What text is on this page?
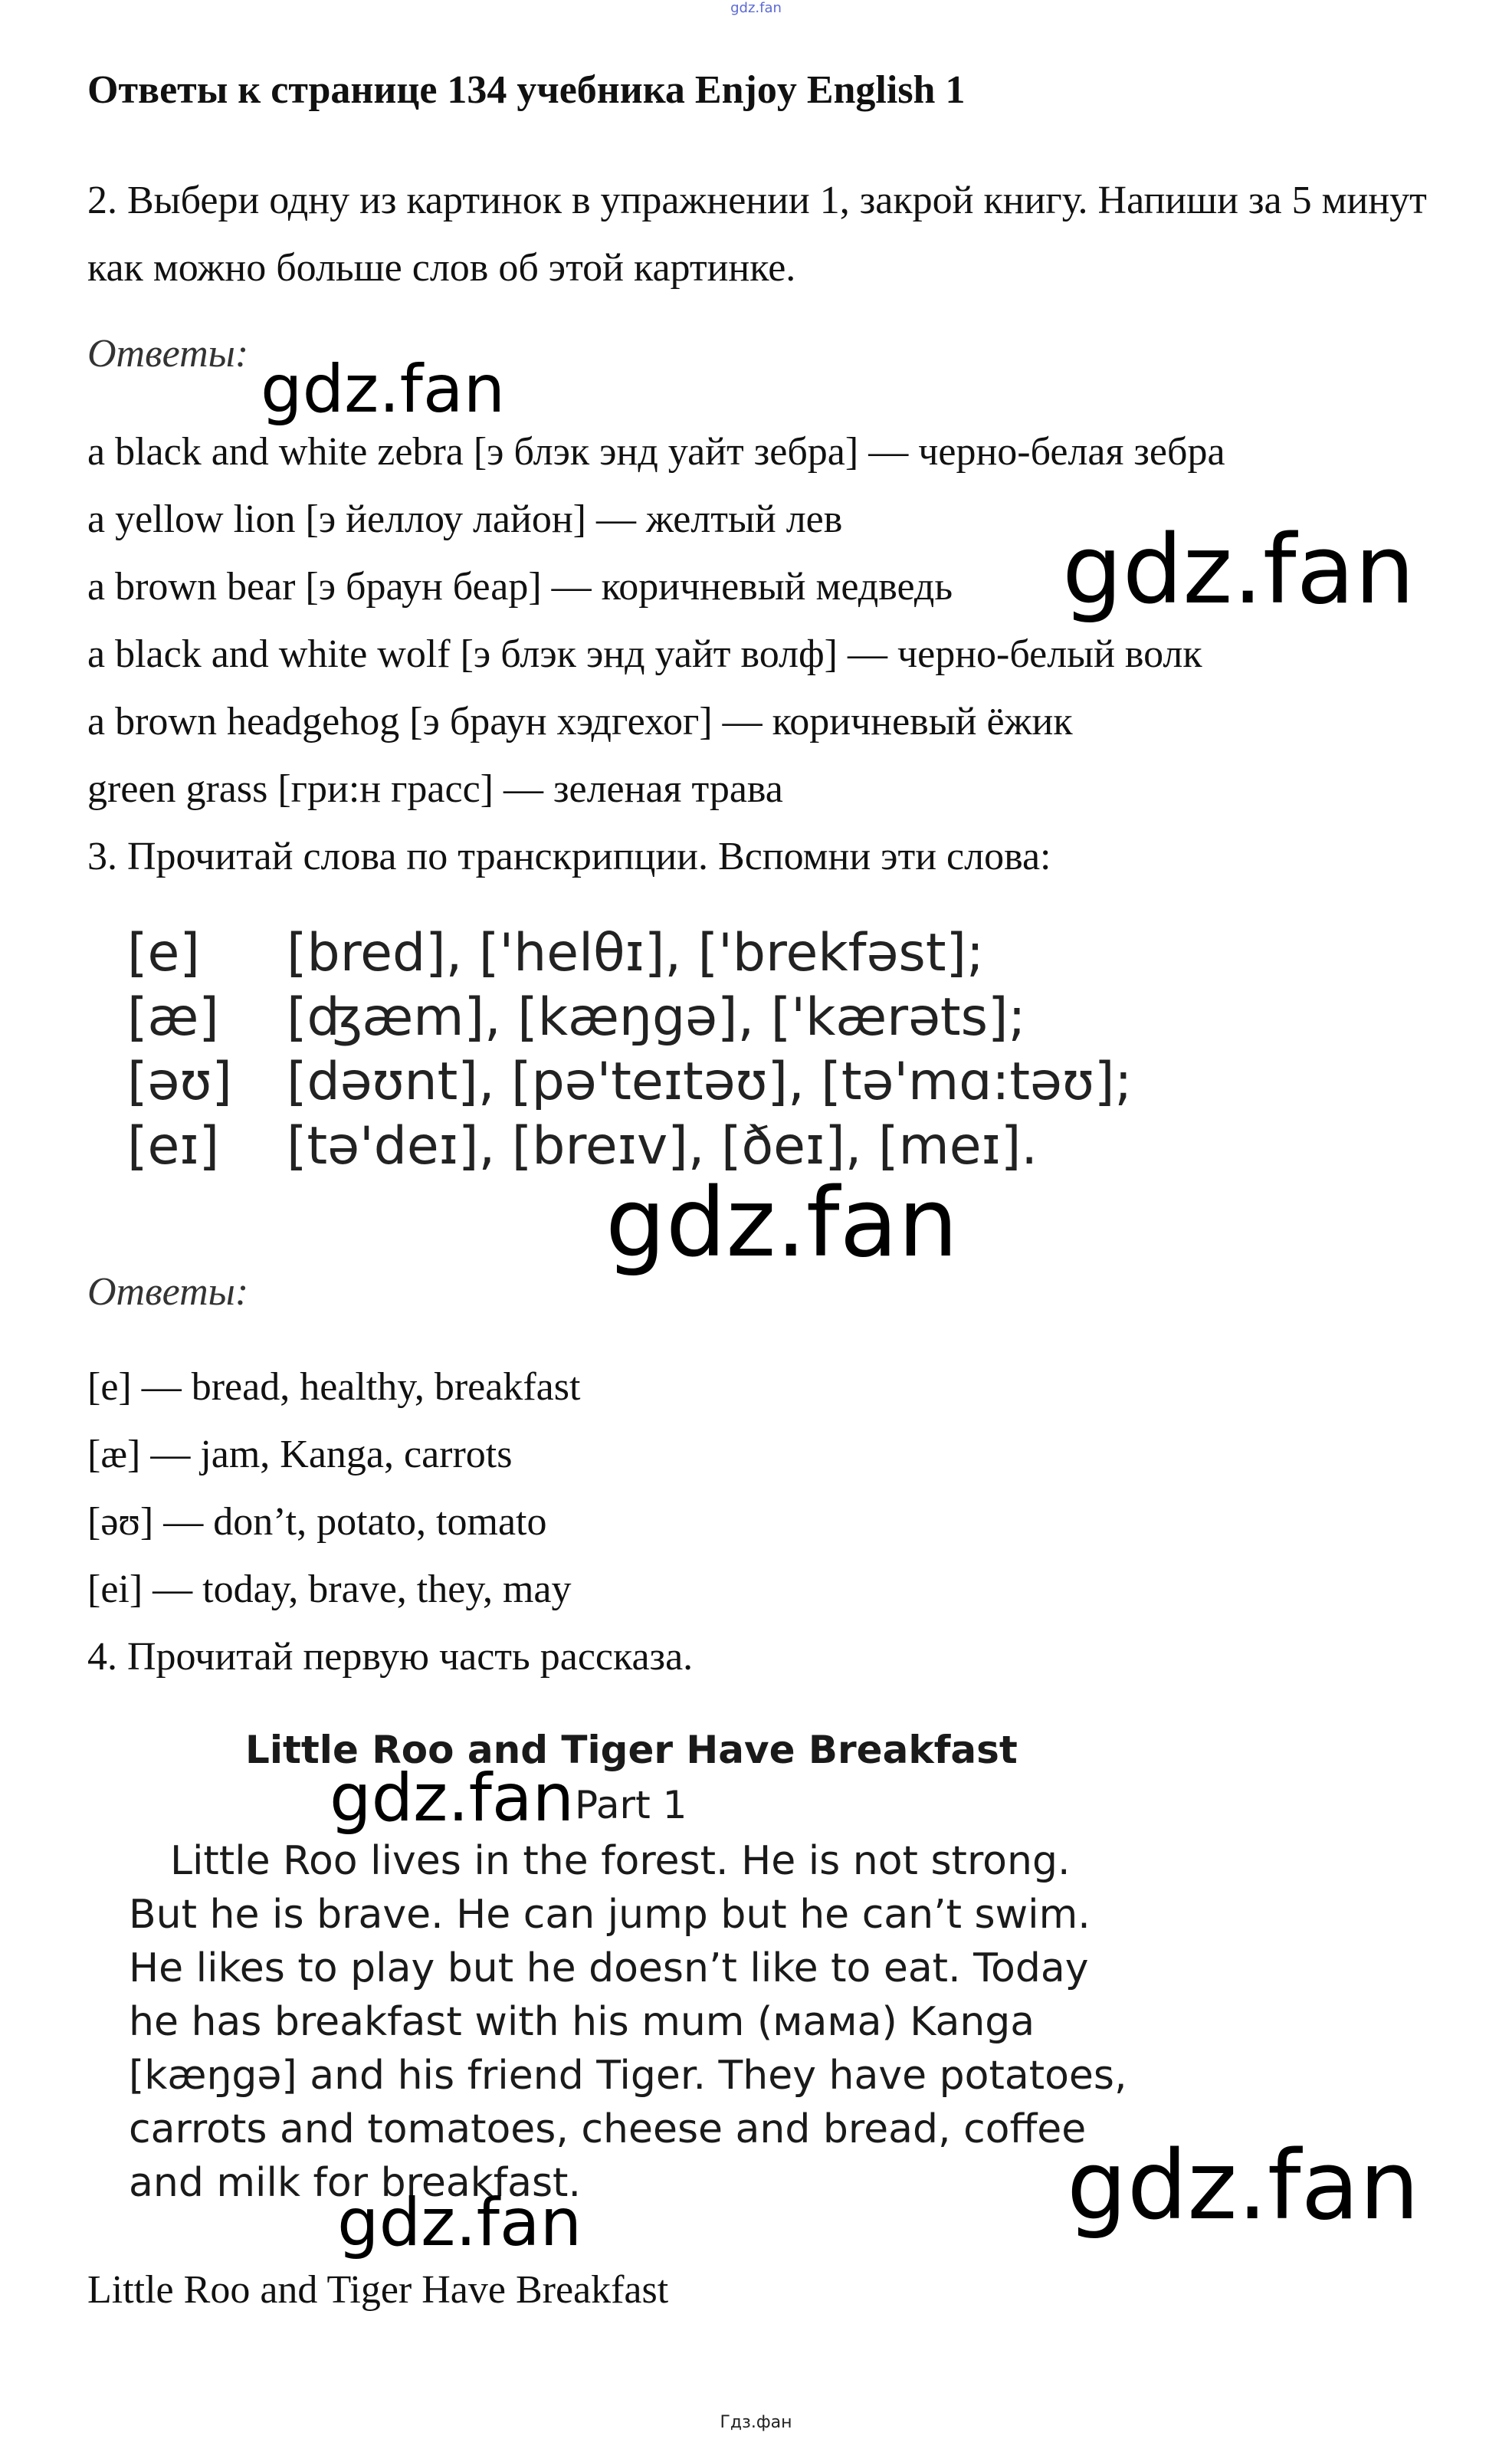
gdz.fan
Ответы к странице 134 учебника Enjoy English 1
2. Выбери одну из картинок в упражнении 1, закрой книгу. Напиши за 5 минут как можно больше слов об этой картинке.
Ответы:
a black and white zebra [э блэк энд уайт зебра] — черно-белая зебра
a yellow lion [э йеллоу лайон] — желтый лев
a brown bear [э браун беар] — коричневый медведь
a black and white wolf [э блэк энд уайт волф] — черно-белый волк
a brown headgehog [э браун хэдгехог] — коричневый ёжик
green grass [гри:н грасс] — зеленая трава
3. Прочитай слова по транскрипции. Вспомни эти слова:
[e] [bred], ['helθɪ], ['brekfəst];
[æ] [ʤæm], [kæŋgə], ['kærəts];
[əʊ] [dəʊnt], [pə'teɪtəʊ], [tə'mɑ:təʊ];
[eɪ] [tə'deɪ], [breɪv], [ðeɪ], [meɪ].
Ответы:
[e] — bread, healthy, breakfast
[æ] — jam, Kanga, carrots
[əʊ] — don’t, potato, tomato
[ei] — today, brave, they, may
4. Прочитай первую часть рассказа.
Little Roo and Tiger Have Breakfast
Part 1
Little Roo lives in the forest. He is not strong.
But he is brave. He can jump but he can’t swim.
He likes to play but he doesn’t like to eat. Today
he has breakfast with his mum (мама) Kanga
[kæŋgə] and his friend Tiger. They have potatoes,
carrots and tomatoes, cheese and bread, coffee
and milk for breakfast.
Little Roo and Tiger Have Breakfast
gdz.fan
gdz.fan
gdz.fan
gdz.fan
gdz.fan	gdz.fan
Гдз.фан
